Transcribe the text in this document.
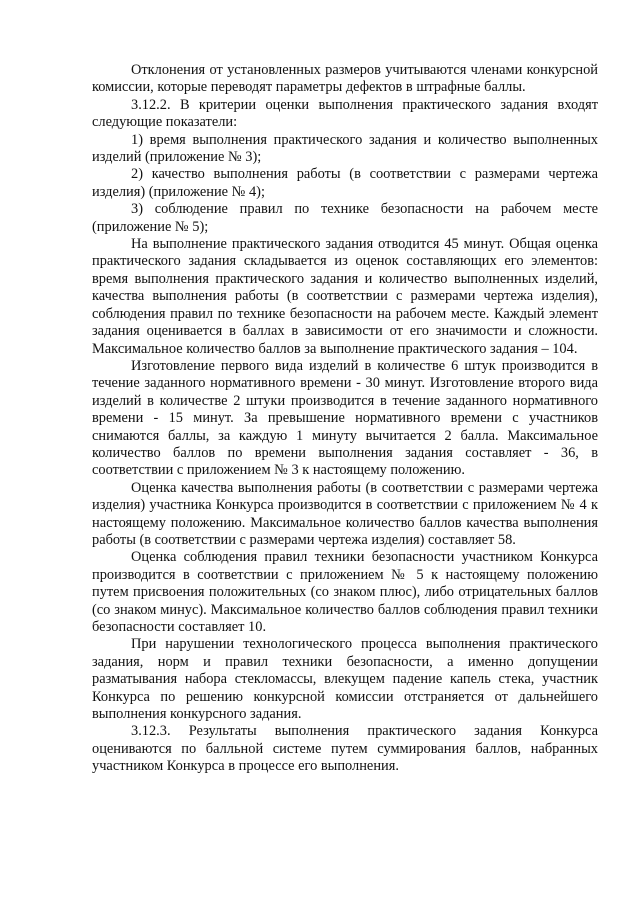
Отклонения от установленных размеров учитываются членами конкурсной комиссии, которые переводят параметры дефектов в штрафные баллы.

3.12.2. В критерии оценки выполнения практического задания входят следующие показатели:

1) время выполнения практического задания и количество выполненных изделий (приложение № 3);

2) качество выполнения работы (в соответствии с размерами чертежа изделия) (приложение № 4);

3) соблюдение правил по технике безопасности на рабочем месте (приложение № 5);

На выполнение практического задания отводится 45 минут. Общая оценка практического задания складывается из оценок составляющих его элементов: время выполнения практического задания и количество выполненных изделий, качества выполнения работы (в соответствии с размерами чертежа изделия), соблюдения правил по технике безопасности на рабочем месте. Каждый элемент задания оценивается в баллах в зависимости от его значимости и сложности. Максимальное количество баллов за выполнение практического задания – 104.

Изготовление первого вида изделий в количестве 6 штук производится в течение заданного нормативного времени - 30 минут. Изготовление второго вида изделий в количестве 2 штуки производится в течение заданного нормативного времени - 15 минут. За превышение нормативного времени с участников снимаются баллы, за каждую 1 минуту вычитается 2 балла. Максимальное количество баллов по времени выполнения задания составляет - 36, в соответствии с приложением № 3 к настоящему положению.

Оценка качества выполнения работы (в соответствии с размерами чертежа изделия) участника Конкурса производится в соответствии с приложением № 4 к настоящему положению. Максимальное количество баллов качества выполнения работы (в соответствии с размерами чертежа изделия) составляет 58.

Оценка соблюдения правил техники безопасности участником Конкурса производится в соответствии с приложением № 5 к настоящему положению путем присвоения положительных (со знаком плюс), либо отрицательных баллов (со знаком минус). Максимальное количество баллов соблюдения правил техники безопасности составляет 10.

При нарушении технологического процесса выполнения практического задания, норм и правил техники безопасности, а именно допущении разматывания набора стекломассы, влекущем падение капель стека, участник Конкурса по решению конкурсной комиссии отстраняется от дальнейшего выполнения конкурсного задания.

3.12.3. Результаты выполнения практического задания Конкурса оцениваются по балльной системе путем суммирования баллов, набранных участником Конкурса в процессе его выполнения.
